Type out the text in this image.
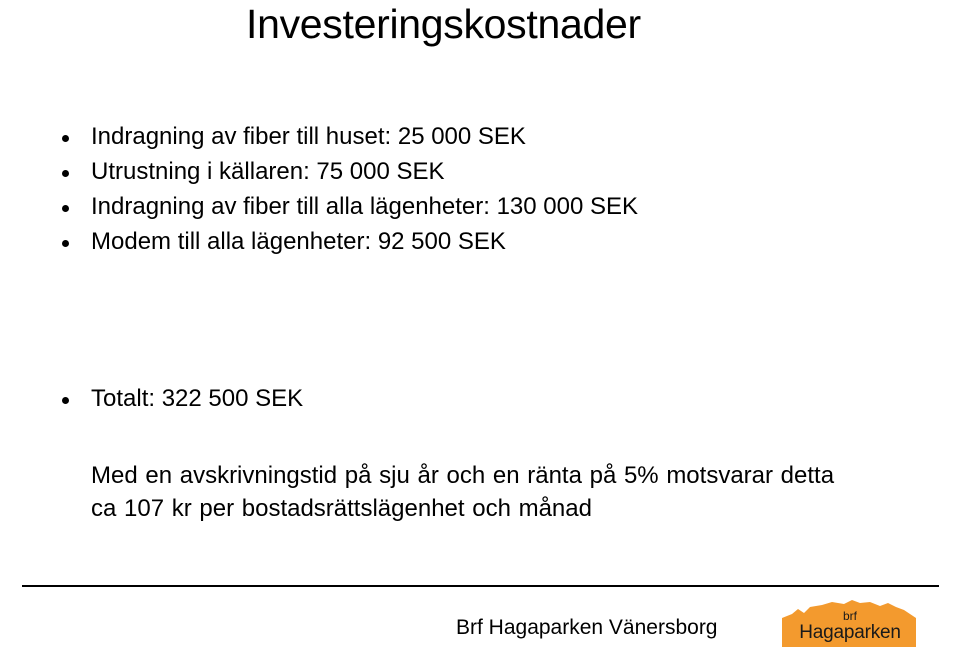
Investeringskostnader
Indragning av fiber till huset: 25 000 SEK
Utrustning i källaren: 75 000 SEK
Indragning av fiber till alla lägenheter: 130 000 SEK
Modem till alla lägenheter: 92 500 SEK
Totalt: 322 500 SEK

Med en avskrivningstid på sju år och en ränta på 5% motsvarar detta ca 107 kr per bostadsrättslägenhet och månad

Brf Hagaparken Vänersborg	brf
Hagaparken
